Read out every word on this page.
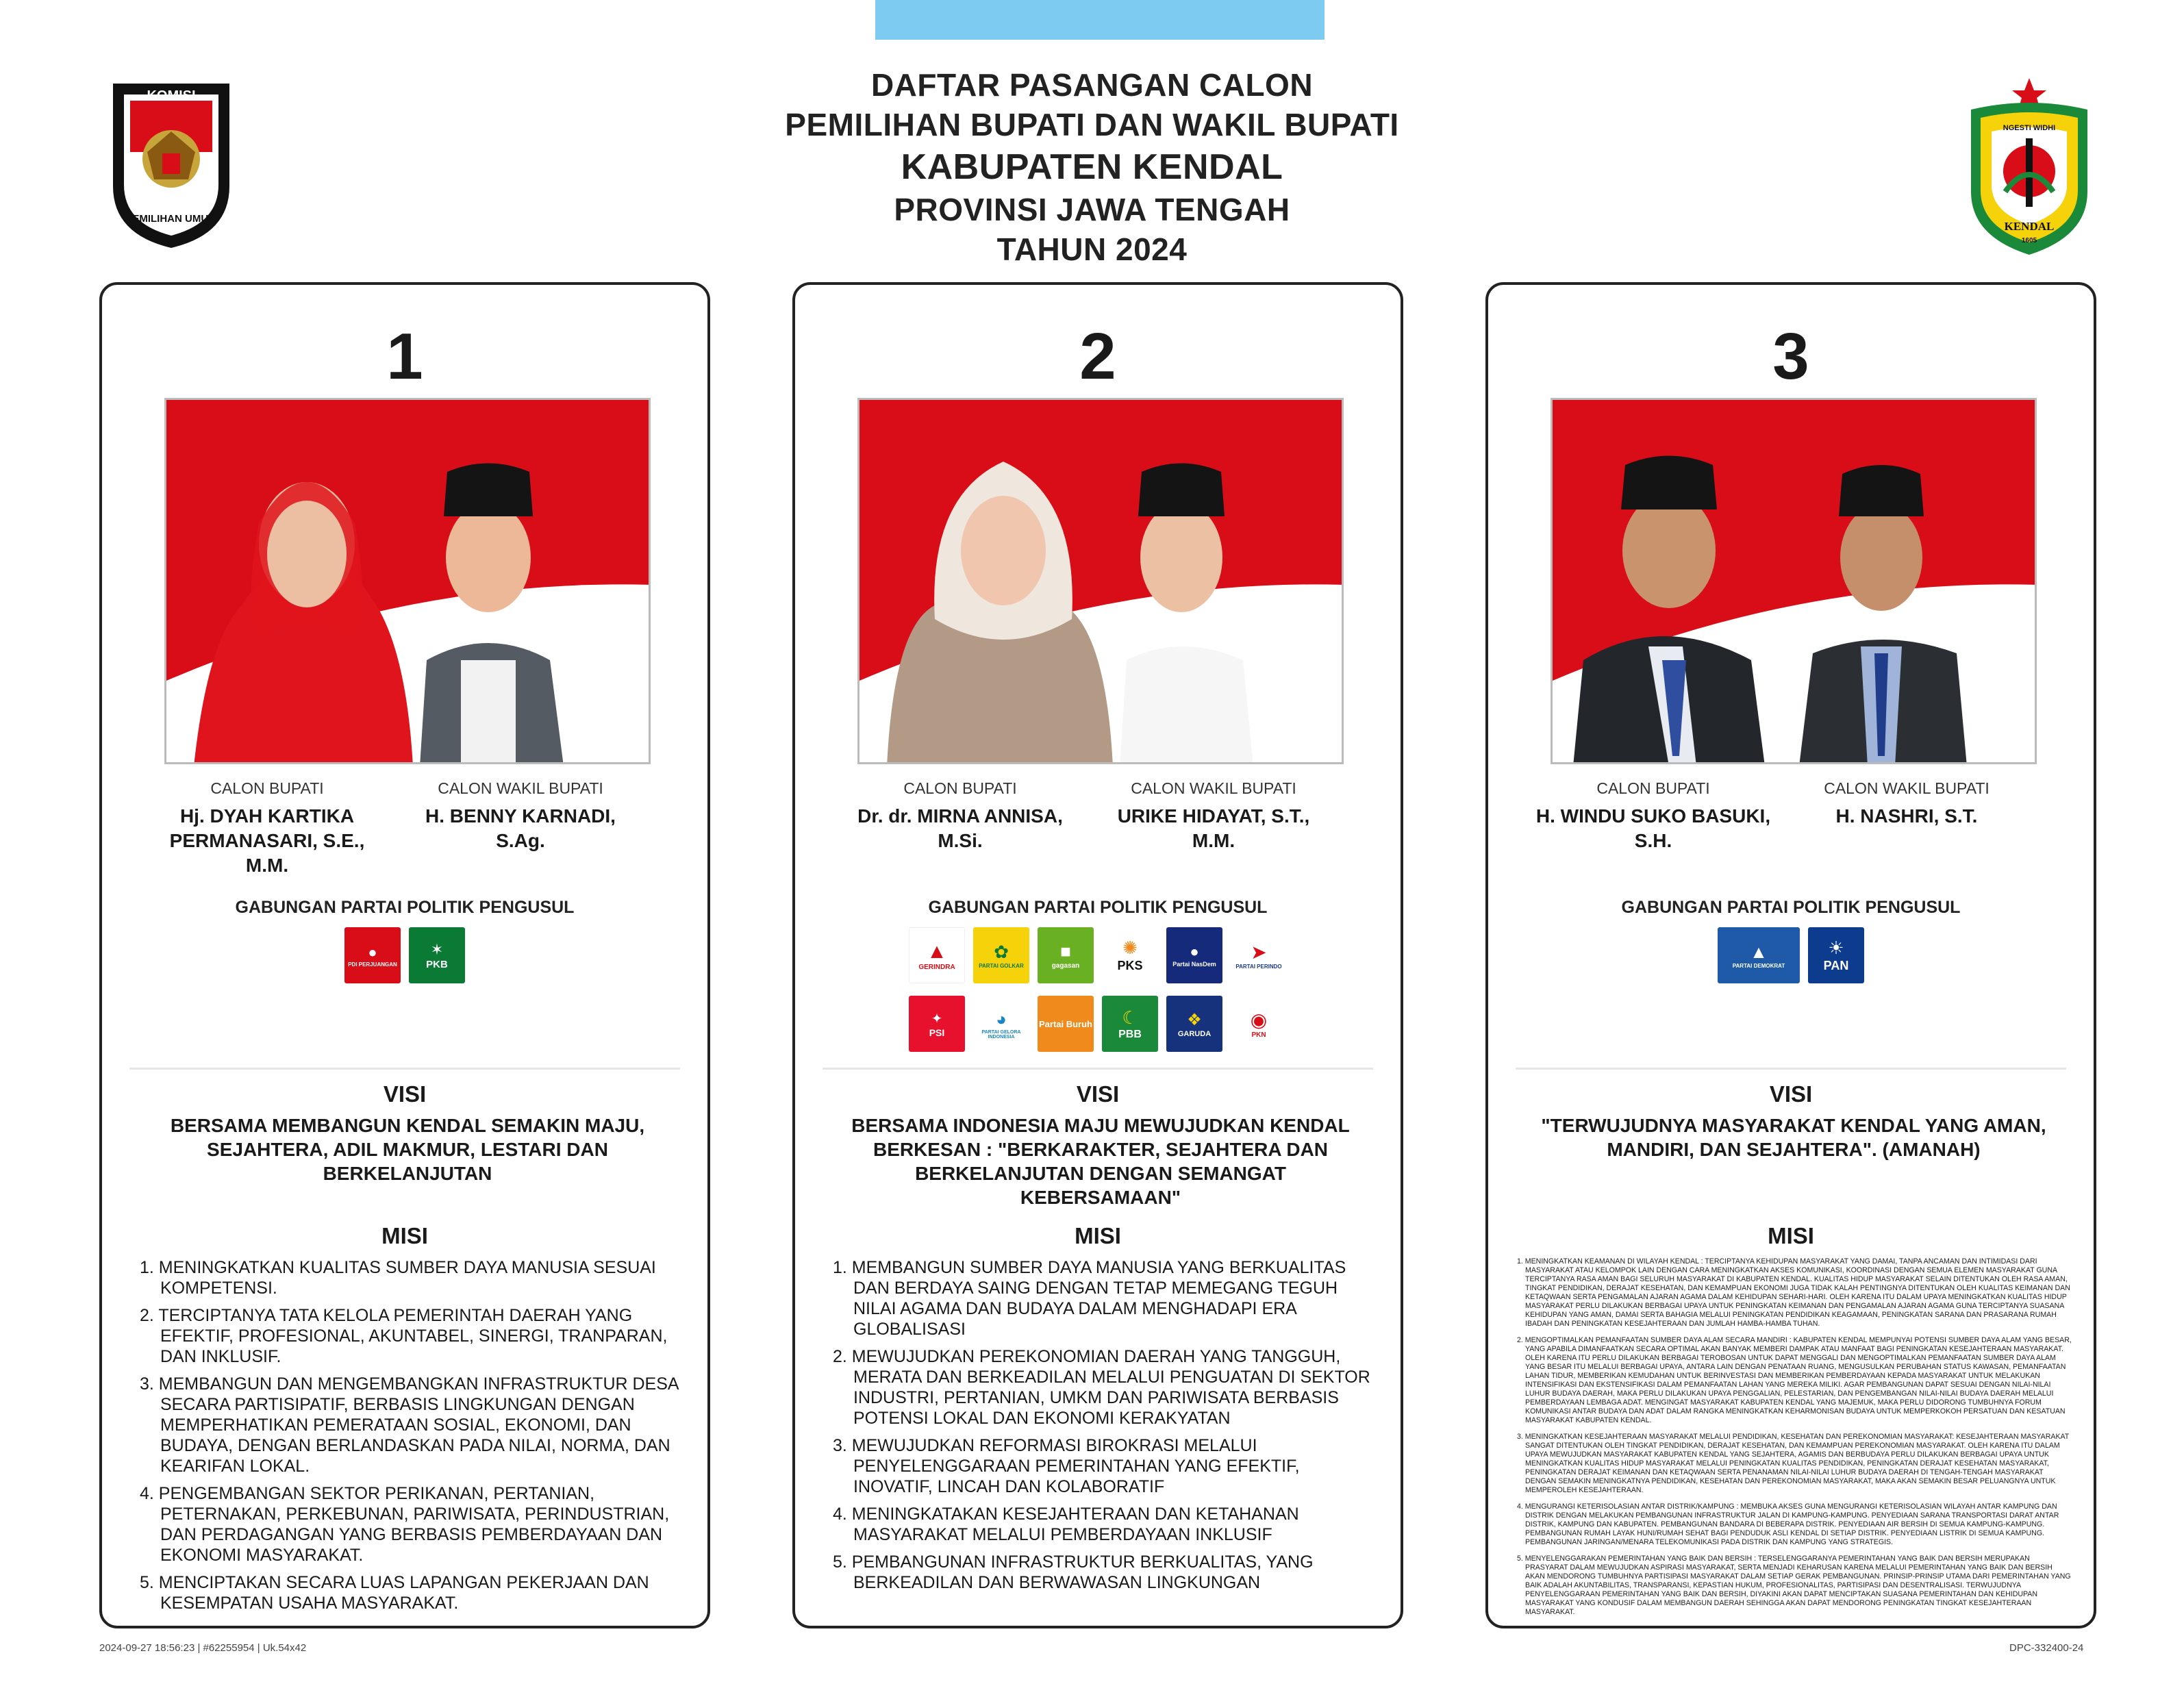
KOMISI
PEMILIHAN UMUM
NGESTI WIDHI
KENDAL
1605
DAFTAR PASANGAN CALON
PEMILIHAN BUPATI DAN WAKIL BUPATI
KABUPATEN KENDAL
PROVINSI JAWA TENGAH
TAHUN 2024
1
CALON BUPATI	CALON WAKIL BUPATI
Hj. DYAH KARTIKA PERMANASARI, S.E., M.M.
H. BENNY KARNADI, S.Ag.
GABUNGAN PARTAI POLITIK PENGUSUL
●
PDI PERJUANGAN
✶
PKB
VISI
BERSAMA MEMBANGUN KENDAL SEMAKIN MAJU, SEJAHTERA, ADIL MAKMUR, LESTARI DAN BERKELANJUTAN
MISI
1. MENINGKATKAN KUALITAS SUMBER DAYA MANUSIA SESUAI KOMPETENSI.
2. TERCIPTANYA TATA KELOLA PEMERINTAH DAERAH YANG EFEKTIF, PROFESIONAL, AKUNTABEL, SINERGI, TRANPARAN, DAN INKLUSIF.
3. MEMBANGUN DAN MENGEMBANGKAN INFRASTRUKTUR DESA SECARA PARTISIPATIF, BERBASIS LINGKUNGAN DENGAN MEMPERHATIKAN PEMERATAAN SOSIAL, EKONOMI, DAN BUDAYA, DENGAN BERLANDASKAN PADA NILAI, NORMA, DAN KEARIFAN LOKAL.
4. PENGEMBANGAN SEKTOR PERIKANAN, PERTANIAN, PETERNAKAN, PERKEBUNAN, PARIWISATA, PERINDUSTRIAN, DAN PERDAGANGAN YANG BERBASIS PEMBERDAYAAN DAN EKONOMI MASYARAKAT.
5. MENCIPTAKAN SECARA LUAS LAPANGAN PEKERJAAN DAN KESEMPATAN USAHA MASYARAKAT.
2
CALON BUPATI	CALON WAKIL BUPATI
Dr. dr. MIRNA ANNISA, M.Si.
URIKE HIDAYAT, S.T., M.M.
GABUNGAN PARTAI POLITIK PENGUSUL
▲
GERINDRA
✿
PARTAI GOLKAR
■
gagasan
✺
PKS
●
Partai NasDem
➤
PARTAI PERINDO
✦
PSI
◕
PARTAI GELORA INDONESIA
Partai Buruh ☾
PBB
❖
GARUDA
◉
PKN
VISI
BERSAMA INDONESIA MAJU MEWUJUDKAN KENDAL BERKESAN : "BERKARAKTER, SEJAHTERA DAN BERKELANJUTAN DENGAN SEMANGAT KEBERSAMAAN"
MISI
1. MEMBANGUN SUMBER DAYA MANUSIA YANG BERKUALITAS DAN BERDAYA SAING DENGAN TETAP MEMEGANG TEGUH NILAI AGAMA DAN BUDAYA DALAM MENGHADAPI ERA GLOBALISASI
2. MEWUJUDKAN PEREKONOMIAN DAERAH YANG TANGGUH, MERATA DAN BERKEADILAN MELALUI PENGUATAN DI SEKTOR INDUSTRI, PERTANIAN, UMKM DAN PARIWISATA BERBASIS POTENSI LOKAL DAN EKONOMI KERAKYATAN
3. MEWUJUDKAN REFORMASI BIROKRASI MELALUI PENYELENGGARAAN PEMERINTAHAN YANG EFEKTIF, INOVATIF, LINCAH DAN KOLABORATIF
4. MENINGKATAKAN KESEJAHTERAAN DAN KETAHANAN MASYARAKAT MELALUI PEMBERDAYAAN INKLUSIF
5. PEMBANGUNAN INFRASTRUKTUR BERKUALITAS, YANG BERKEADILAN DAN BERWAWASAN LINGKUNGAN
3
CALON BUPATI	CALON WAKIL BUPATI
H. WINDU SUKO BASUKI, S.H.
H. NASHRI, S.T.
GABUNGAN PARTAI POLITIK PENGUSUL
▲
PARTAI DEMOKRAT
☀
PAN
VISI
"TERWUJUDNYA MASYARAKAT KENDAL YANG AMAN, MANDIRI, DAN SEJAHTERA". (AMANAH)
MISI
1. MENINGKATKAN KEAMANAN DI WILAYAH KENDAL : TERCIPTANYA KEHIDUPAN MASYARAKAT YANG DAMAI, TANPA ANCAMAN DAN INTIMIDASI DARI MASYARAKAT ATAU KELOMPOK LAIN DENGAN CARA MENINGKATKAN AKSES KOMUNIKASI, KOORDINASI DENGAN SEMUA ELEMEN MASYARAKAT GUNA TERCIPTANYA RASA AMAN BAGI SELURUH MASYARAKAT DI KABUPATEN KENDAL. KUALITAS HIDUP MASYARAKAT SELAIN DITENTUKAN OLEH RASA AMAN, TINGKAT PENDIDIKAN, DERAJAT KESEHATAN, DAN KEMAMPUAN EKONOMI JUGA TIDAK KALAH PENTINGNYA DITENTUKAN OLEH KUALITAS KEIMANAN DAN KETAQWAAN SERTA PENGAMALAN AJARAN AGAMA DALAM KEHIDUPAN SEHARI-HARI. OLEH KARENA ITU DALAM UPAYA MENINGKATKAN KUALITAS HIDUP MASYARAKAT PERLU DILAKUKAN BERBAGAI UPAYA UNTUK PENINGKATAN KEIMANAN DAN PENGAMALAN AJARAN AGAMA GUNA TERCIPTANYA SUASANA KEHIDUPAN YANG AMAN, DAMAI SERTA BAHAGIA MELALUI PENINGKATAN PENDIDIKAN KEAGAMAAN, PENINGKATAN SARANA DAN PRASARANA RUMAH IBADAH DAN PENINGKATAN KESEJAHTERAAN DAN JUMLAH HAMBA-HAMBA TUHAN.
2. MENGOPTIMALKAN PEMANFAATAN SUMBER DAYA ALAM SECARA MANDIRI : KABUPATEN KENDAL MEMPUNYAI POTENSI SUMBER DAYA ALAM YANG BESAR, YANG APABILA DIMANFAATKAN SECARA OPTIMAL AKAN BANYAK MEMBERI DAMPAK ATAU MANFAAT BAGI PENINGKATAN KESEJAHTERAAN MASYARAKAT. OLEH KARENA ITU PERLU DILAKUKAN BERBAGAI TEROBOSAN UNTUK DAPAT MENGGALI DAN MENGOPTIMALKAN PEMANFAATAN SUMBER DAYA ALAM YANG BESAR ITU MELALUI BERBAGAI UPAYA, ANTARA LAIN DENGAN PENATAAN RUANG, MENGUSULKAN PERUBAHAN STATUS KAWASAN, PEMANFAATAN LAHAN TIDUR, MEMBERIKAN KEMUDAHAN UNTUK BERINVESTASI DAN MEMBERIKAN PEMBERDAYAAN KEPADA MASYARAKAT UNTUK MELAKUKAN INTENSIFIKASI DAN EKSTENSIFIKASI DALAM PEMANFAATAN LAHAN YANG MEREKA MILIKI. AGAR PEMBANGUNAN DAPAT SESUAI DENGAN NILAI-NILAI LUHUR BUDAYA DAERAH, MAKA PERLU DILAKUKAN UPAYA PENGGALIAN, PELESTARIAN, DAN PENGEMBANGAN NILAI-NILAI BUDAYA DAERAH MELALUI PEMBERDAYAAN LEMBAGA ADAT. MENGINGAT MASYARAKAT KABUPATEN KENDAL YANG MAJEMUK, MAKA PERLU DIDORONG TUMBUHNYA FORUM KOMUNIKASI ANTAR BUDAYA DAN ADAT DALAM RANGKA MENINGKATKAN KEHARMONISAN BUDAYA UNTUK MEMPERKOKOH PERSATUAN DAN KESATUAN MASYARAKAT KABUPATEN KENDAL.
3. MENINGKATKAN KESEJAHTERAAN MASYARAKAT MELALUI PENDIDIKAN, KESEHATAN DAN PEREKONOMIAN MASYARAKAT: KESEJAHTERAAN MASYARAKAT SANGAT DITENTUKAN OLEH TINGKAT PENDIDIKAN, DERAJAT KESEHATAN, DAN KEMAMPUAN PEREKONOMIAN MASYARAKAT. OLEH KARENA ITU DALAM UPAYA MEWUJUDKAN MASYARAKAT KABUPATEN KENDAL YANG SEJAHTERA, AGAMIS DAN BERBUDAYA PERLU DILAKUKAN BERBAGAI UPAYA UNTUK MENINGKATKAN KUALITAS HIDUP MASYARAKAT MELALUI PENINGKATAN KUALITAS PENDIDIKAN, PENINGKATAN DERAJAT KESEHATAN MASYARAKAT, PENINGKATAN DERAJAT KEIMANAN DAN KETAQWAAN SERTA PENANAMAN NILAI-NILAI LUHUR BUDAYA DAERAH DI TENGAH-TENGAH MASYARAKAT DENGAN SEMAKIN MENINGKATNYA PENDIDIKAN, KESEHATAN DAN PEREKONOMIAN MASYARAKAT, MAKA AKAN SEMAKIN BESAR PELUANGNYA UNTUK MEMPEROLEH KESEJAHTERAAN.
4. MENGURANGI KETERISOLASIAN ANTAR DISTRIK/KAMPUNG : MEMBUKA AKSES GUNA MENGURANGI KETERISOLASIAN WILAYAH ANTAR KAMPUNG DAN DISTRIK DENGAN MELAKUKAN PEMBANGUNAN INFRASTRUKTUR JALAN DI KAMPUNG-KAMPUNG. PENYEDIAAN SARANA TRANSPORTASI DARAT ANTAR DISTRIK, KAMPUNG DAN KABUPATEN. PEMBANGUNAN BANDARA DI BEBERAPA DISTRIK. PENYEDIAAN AIR BERSIH DI SEMUA KAMPUNG-KAMPUNG. PEMBANGUNAN RUMAH LAYAK HUNI/RUMAH SEHAT BAGI PENDUDUK ASLI KENDAL DI SETIAP DISTRIK. PENYEDIAAN LISTRIK DI SEMUA KAMPUNG. PEMBANGUNAN JARINGAN/MENARA TELEKOMUNIKASI PADA DISTRIK DAN KAMPUNG YANG STRATEGIS.
5. MENYELENGGARAKAN PEMERINTAHAN YANG BAIK DAN BERSIH : TERSELENGGARANYA PEMERINTAHAN YANG BAIK DAN BERSIH MERUPAKAN PRASYARAT DALAM MEWUJUDKAN ASPIRASI MASYARAKAT, SERTA MENJADI KEHARUSAN KARENA MELALUI PEMERINTAHAN YANG BAIK DAN BERSIH AKAN MENDORONG TUMBUHNYA PARTISIPASI MASYARAKAT DALAM SETIAP GERAK PEMBANGUNAN. PRINSIP-PRINSIP UTAMA DARI PEMERINTAHAN YANG BAIK ADALAH AKUNTABILITAS, TRANSPARANSI, KEPASTIAN HUKUM, PROFESIONALITAS, PARTISIPASI DAN DESENTRALISASI. TERWUJUDNYA PENYELENGGARAAN PEMERINTAHAN YANG BAIK DAN BERSIH, DIYAKINI AKAN DAPAT MENCIPTAKAN SUASANA PEMERINTAHAN DAN KEHIDUPAN MASYARAKAT YANG KONDUSIF DALAM MEMBANGUN DAERAH SEHINGGA AKAN DAPAT MENDORONG PENINGKATAN TINGKAT KESEJAHTERAAN MASYARAKAT.
2024-09-27 18:56:23 | #62255954 | Uk.54x42	DPC-332400-24
